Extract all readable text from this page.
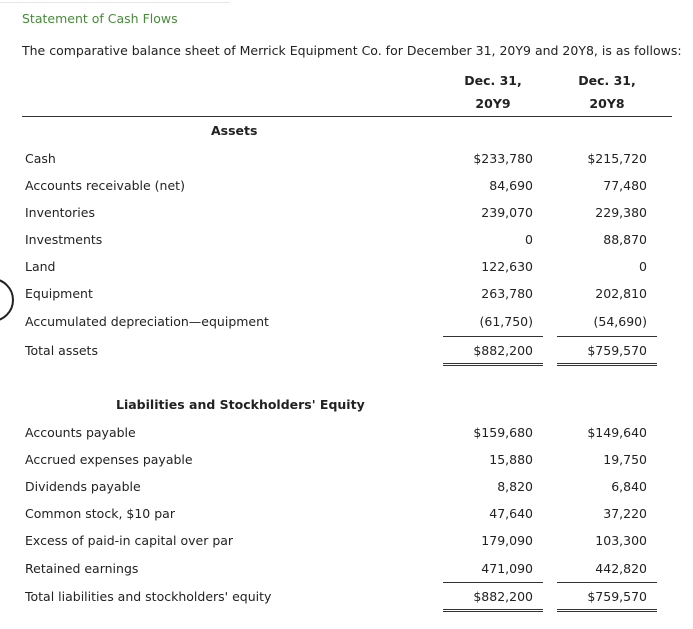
Statement of Cash Flows
The comparative balance sheet of Merrick Equipment Co. for December 31, 20Y9 and 20Y8, is as follows:
Dec. 31,
20Y9
Dec. 31,
20Y8
Assets
Cash	$233,780	$215,720
Accounts receivable (net)	84,690	77,480
Inventories	239,070	229,380
Investments	0	88,870
Land	122,630	0
Equipment	263,780	202,810
Accumulated depreciation—equipment	(61,750)	(54,690)
Total assets	$882,200	$759,570
Liabilities and Stockholders' Equity
Accounts payable	$159,680	$149,640
Accrued expenses payable	15,880	19,750
Dividends payable	8,820	6,840
Common stock, $10 par	47,640	37,220
Excess of paid-in capital over par	179,090	103,300
Retained earnings	471,090	442,820
Total liabilities and stockholders' equity	$882,200	$759,570
